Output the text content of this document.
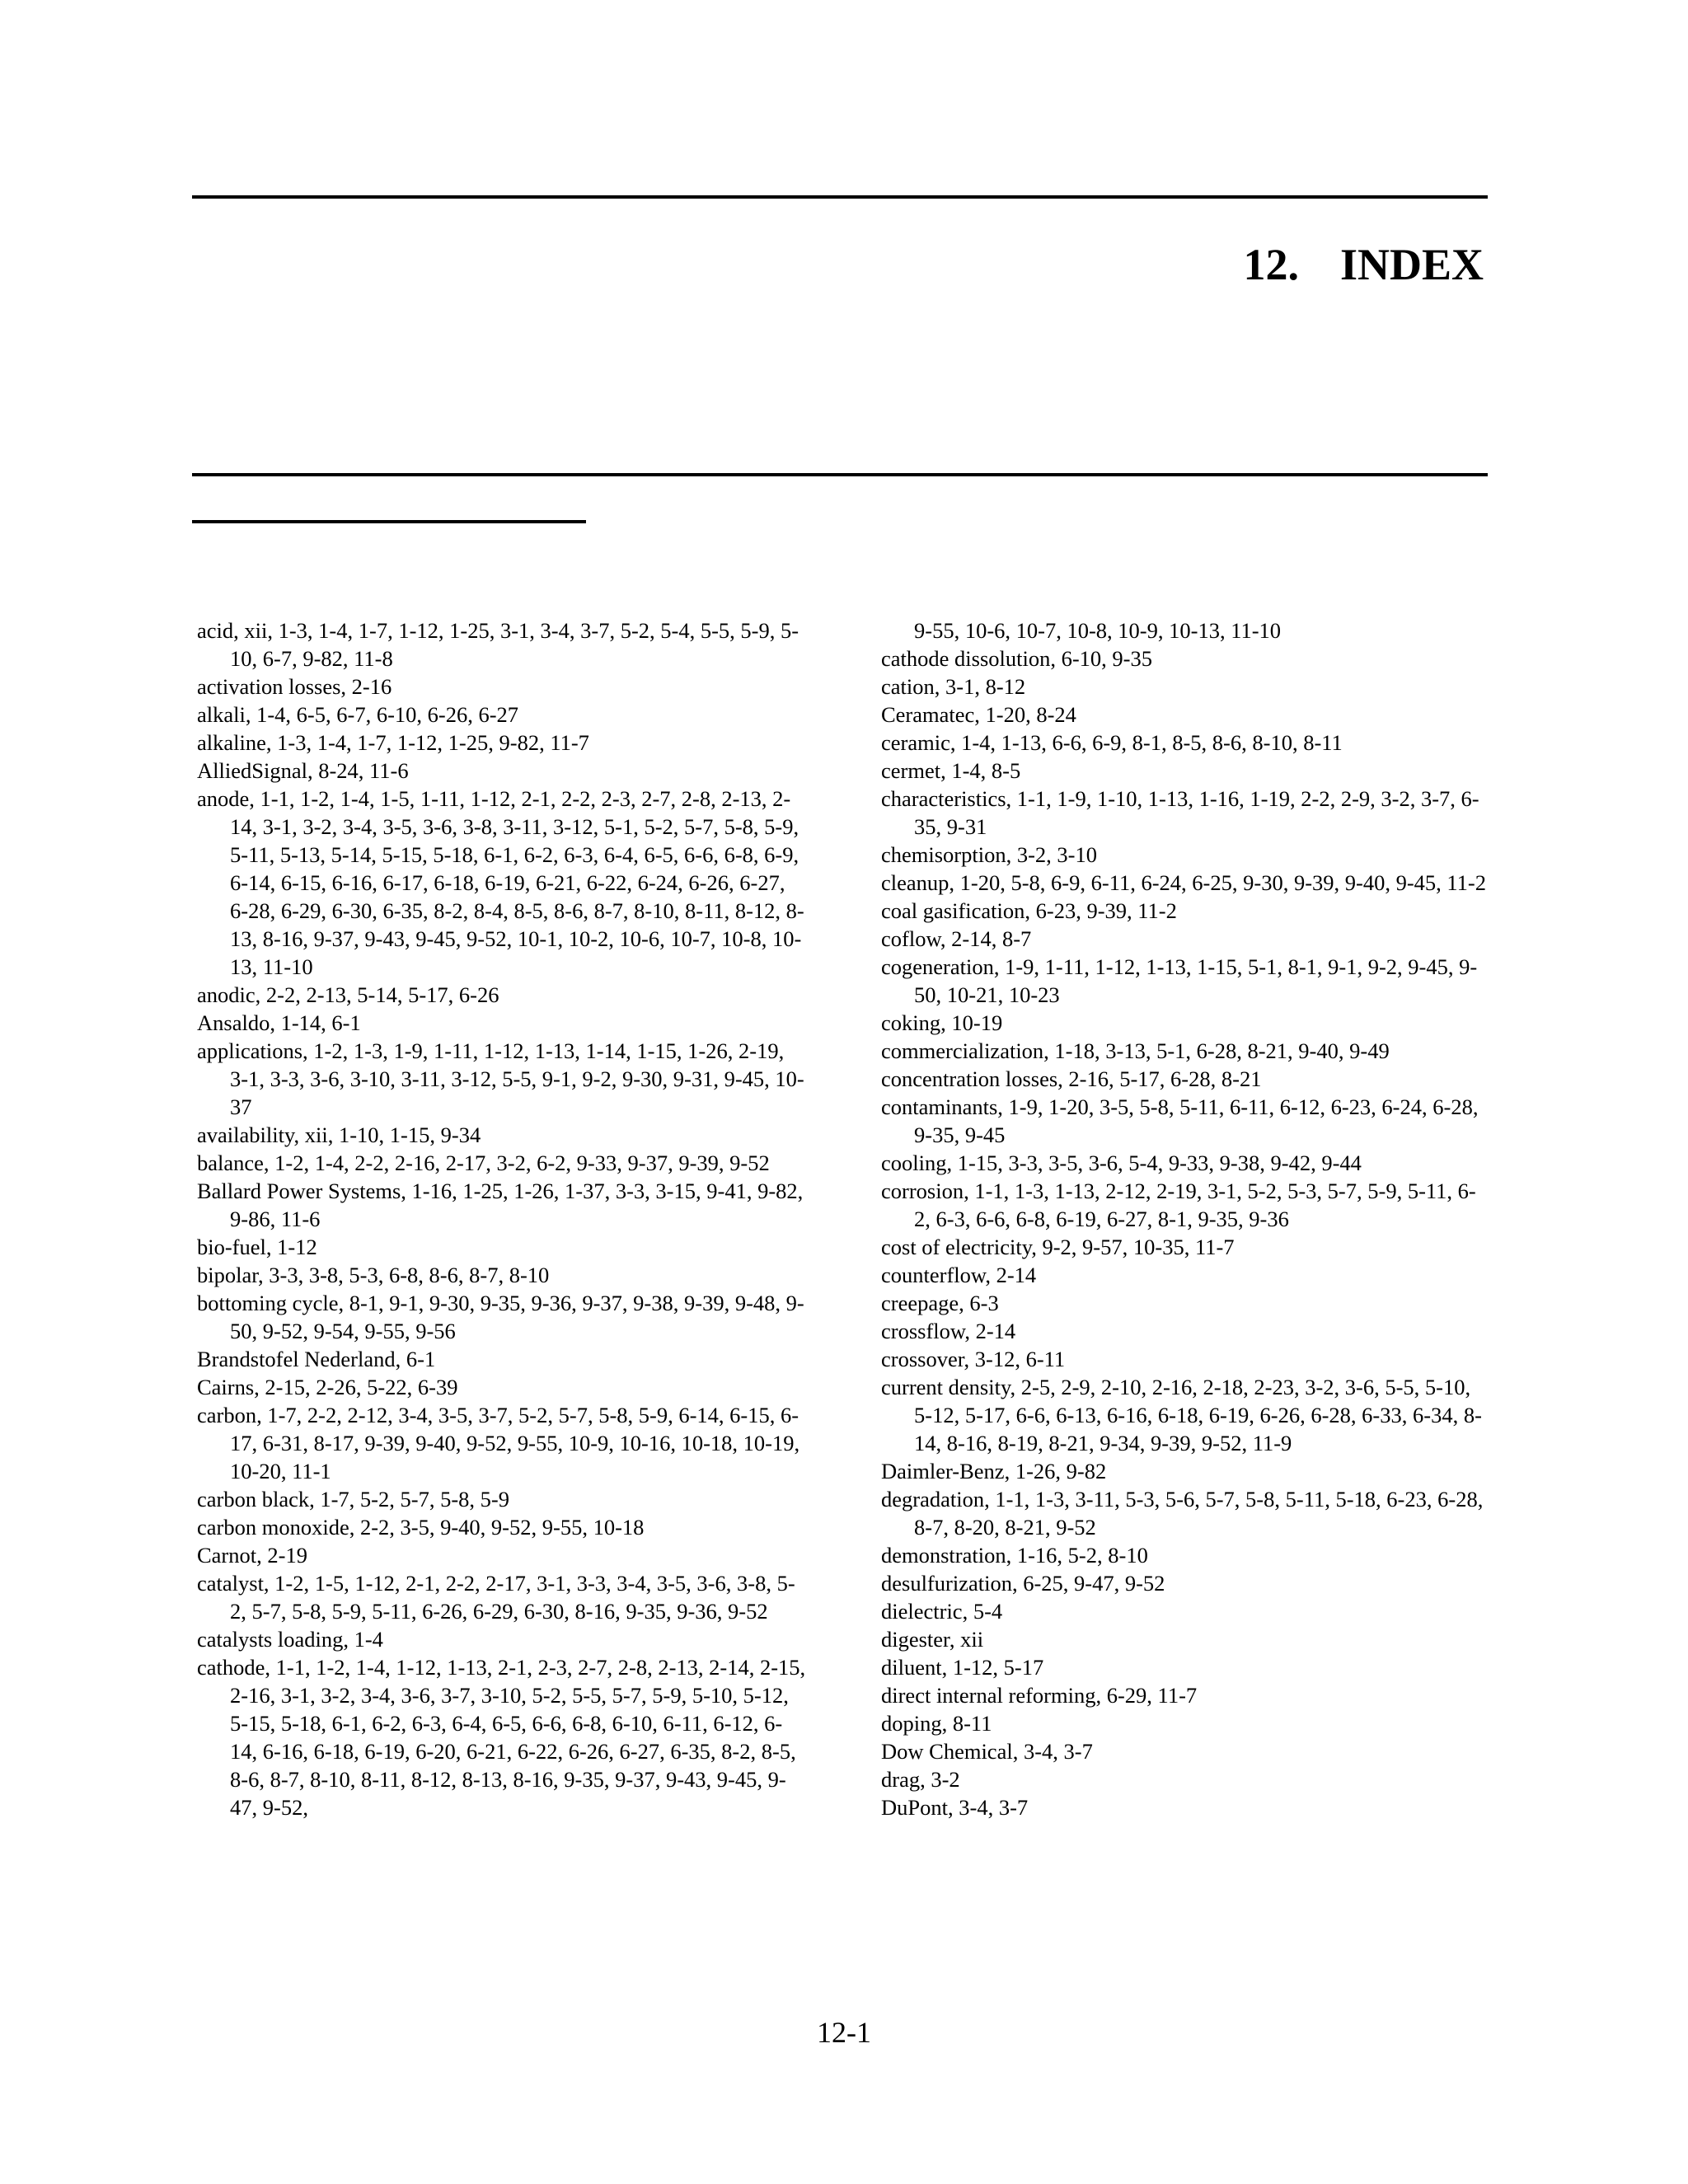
12. INDEX
acid, xii, 1-3, 1-4, 1-7, 1-12, 1-25, 3-1, 3-4, 3-7, 5-2, 5-4, 5-5, 5-9, 5-10, 6-7, 9-82, 11-8
activation losses, 2-16
alkali, 1-4, 6-5, 6-7, 6-10, 6-26, 6-27
alkaline, 1-3, 1-4, 1-7, 1-12, 1-25, 9-82, 11-7
AlliedSignal, 8-24, 11-6
anode, 1-1, 1-2, 1-4, 1-5, 1-11, 1-12, 2-1, 2-2, 2-3, 2-7, 2-8, 2-13, 2-14, 3-1, 3-2, 3-4, 3-5, 3-6, 3-8, 3-11, 3-12, 5-1, 5-2, 5-7, 5-8, 5-9, 5-11, 5-13, 5-14, 5-15, 5-18, 6-1, 6-2, 6-3, 6-4, 6-5, 6-6, 6-8, 6-9, 6-14, 6-15, 6-16, 6-17, 6-18, 6-19, 6-21, 6-22, 6-24, 6-26, 6-27, 6-28, 6-29, 6-30, 6-35, 8-2, 8-4, 8-5, 8-6, 8-7, 8-10, 8-11, 8-12, 8-13, 8-16, 9-37, 9-43, 9-45, 9-52, 10-1, 10-2, 10-6, 10-7, 10-8, 10-13, 11-10
anodic, 2-2, 2-13, 5-14, 5-17, 6-26
Ansaldo, 1-14, 6-1
applications, 1-2, 1-3, 1-9, 1-11, 1-12, 1-13, 1-14, 1-15, 1-26, 2-19, 3-1, 3-3, 3-6, 3-10, 3-11, 3-12, 5-5, 9-1, 9-2, 9-30, 9-31, 9-45, 10-37
availability, xii, 1-10, 1-15, 9-34
balance, 1-2, 1-4, 2-2, 2-16, 2-17, 3-2, 6-2, 9-33, 9-37, 9-39, 9-52
Ballard Power Systems, 1-16, 1-25, 1-26, 1-37, 3-3, 3-15, 9-41, 9-82, 9-86, 11-6
bio-fuel, 1-12
bipolar, 3-3, 3-8, 5-3, 6-8, 8-6, 8-7, 8-10
bottoming cycle, 8-1, 9-1, 9-30, 9-35, 9-36, 9-37, 9-38, 9-39, 9-48, 9-50, 9-52, 9-54, 9-55, 9-56
Brandstofel Nederland, 6-1
Cairns, 2-15, 2-26, 5-22, 6-39
carbon, 1-7, 2-2, 2-12, 3-4, 3-5, 3-7, 5-2, 5-7, 5-8, 5-9, 6-14, 6-15, 6-17, 6-31, 8-17, 9-39, 9-40, 9-52, 9-55, 10-9, 10-16, 10-18, 10-19, 10-20, 11-1
carbon black, 1-7, 5-2, 5-7, 5-8, 5-9
carbon monoxide, 2-2, 3-5, 9-40, 9-52, 9-55, 10-18
Carnot, 2-19
catalyst, 1-2, 1-5, 1-12, 2-1, 2-2, 2-17, 3-1, 3-3, 3-4, 3-5, 3-6, 3-8, 5-2, 5-7, 5-8, 5-9, 5-11, 6-26, 6-29, 6-30, 8-16, 9-35, 9-36, 9-52
catalysts loading, 1-4
cathode, 1-1, 1-2, 1-4, 1-12, 1-13, 2-1, 2-3, 2-7, 2-8, 2-13, 2-14, 2-15, 2-16, 3-1, 3-2, 3-4, 3-6, 3-7, 3-10, 5-2, 5-5, 5-7, 5-9, 5-10, 5-12, 5-15, 5-18, 6-1, 6-2, 6-3, 6-4, 6-5, 6-6, 6-8, 6-10, 6-11, 6-12, 6-14, 6-16, 6-18, 6-19, 6-20, 6-21, 6-22, 6-26, 6-27, 6-35, 8-2, 8-5, 8-6, 8-7, 8-10, 8-11, 8-12, 8-13, 8-16, 9-35, 9-37, 9-43, 9-45, 9-47, 9-52,
9-55, 10-6, 10-7, 10-8, 10-9, 10-13, 11-10
cathode dissolution, 6-10, 9-35
cation, 3-1, 8-12
Ceramatec, 1-20, 8-24
ceramic, 1-4, 1-13, 6-6, 6-9, 8-1, 8-5, 8-6, 8-10, 8-11
cermet, 1-4, 8-5
characteristics, 1-1, 1-9, 1-10, 1-13, 1-16, 1-19, 2-2, 2-9, 3-2, 3-7, 6-35, 9-31
chemisorption, 3-2, 3-10
cleanup, 1-20, 5-8, 6-9, 6-11, 6-24, 6-25, 9-30, 9-39, 9-40, 9-45, 11-2
coal gasification, 6-23, 9-39, 11-2
coflow, 2-14, 8-7
cogeneration, 1-9, 1-11, 1-12, 1-13, 1-15, 5-1, 8-1, 9-1, 9-2, 9-45, 9-50, 10-21, 10-23
coking, 10-19
commercialization, 1-18, 3-13, 5-1, 6-28, 8-21, 9-40, 9-49
concentration losses, 2-16, 5-17, 6-28, 8-21
contaminants, 1-9, 1-20, 3-5, 5-8, 5-11, 6-11, 6-12, 6-23, 6-24, 6-28, 9-35, 9-45
cooling, 1-15, 3-3, 3-5, 3-6, 5-4, 9-33, 9-38, 9-42, 9-44
corrosion, 1-1, 1-3, 1-13, 2-12, 2-19, 3-1, 5-2, 5-3, 5-7, 5-9, 5-11, 6-2, 6-3, 6-6, 6-8, 6-19, 6-27, 8-1, 9-35, 9-36
cost of electricity, 9-2, 9-57, 10-35, 11-7
counterflow, 2-14
creepage, 6-3
crossflow, 2-14
crossover, 3-12, 6-11
current density, 2-5, 2-9, 2-10, 2-16, 2-18, 2-23, 3-2, 3-6, 5-5, 5-10, 5-12, 5-17, 6-6, 6-13, 6-16, 6-18, 6-19, 6-26, 6-28, 6-33, 6-34, 8-14, 8-16, 8-19, 8-21, 9-34, 9-39, 9-52, 11-9
Daimler-Benz, 1-26, 9-82
degradation, 1-1, 1-3, 3-11, 5-3, 5-6, 5-7, 5-8, 5-11, 5-18, 6-23, 6-28, 8-7, 8-20, 8-21, 9-52
demonstration, 1-16, 5-2, 8-10
desulfurization, 6-25, 9-47, 9-52
dielectric, 5-4
digester, xii
diluent, 1-12, 5-17
direct internal reforming, 6-29, 11-7
doping, 8-11
Dow Chemical, 3-4, 3-7
drag, 3-2
DuPont, 3-4, 3-7
12-1
